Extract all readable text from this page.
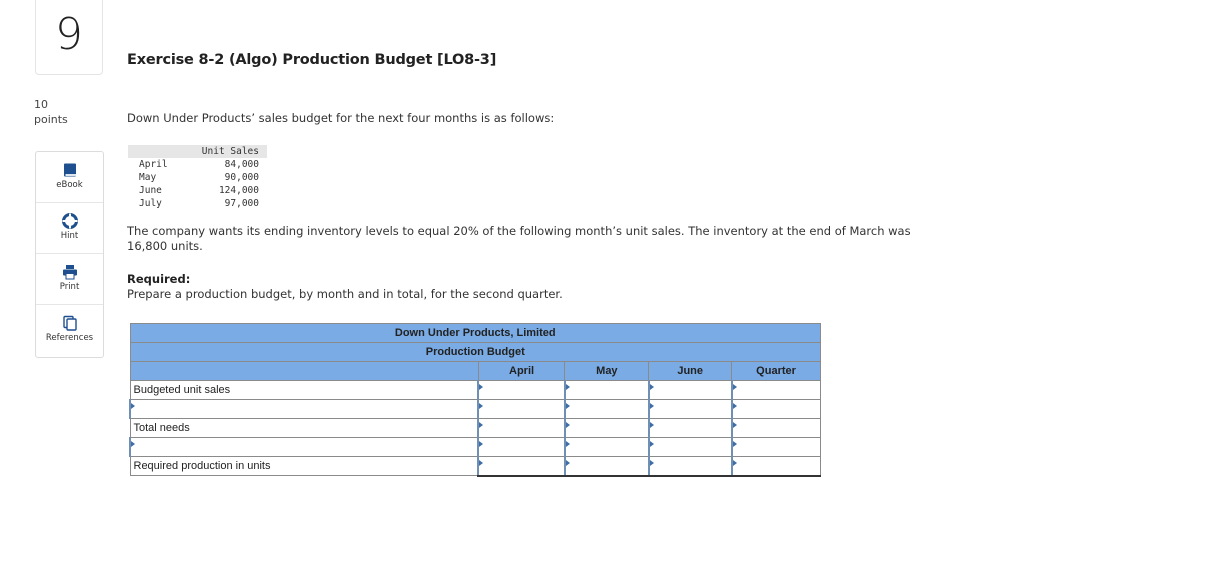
9
10
points
eBook
Hint
Print
References
Exercise 8-2 (Algo) Production Budget [LO8-3]
Down Under Products’ sales budget for the next four months is as follows:
	Unit Sales
April	84,000
May	90,000
June	124,000
July	97,000
The company wants its ending inventory levels to equal 20% of the following month’s unit sales. The inventory at the end of March was 16,800 units.
Required:
Prepare a production budget, by month and in total, for the second quarter.
Down Under Products, Limited				
Production Budget				
	April	May	June	Quarter
Budgeted unit sales				

Total needs				

Required production in units				
